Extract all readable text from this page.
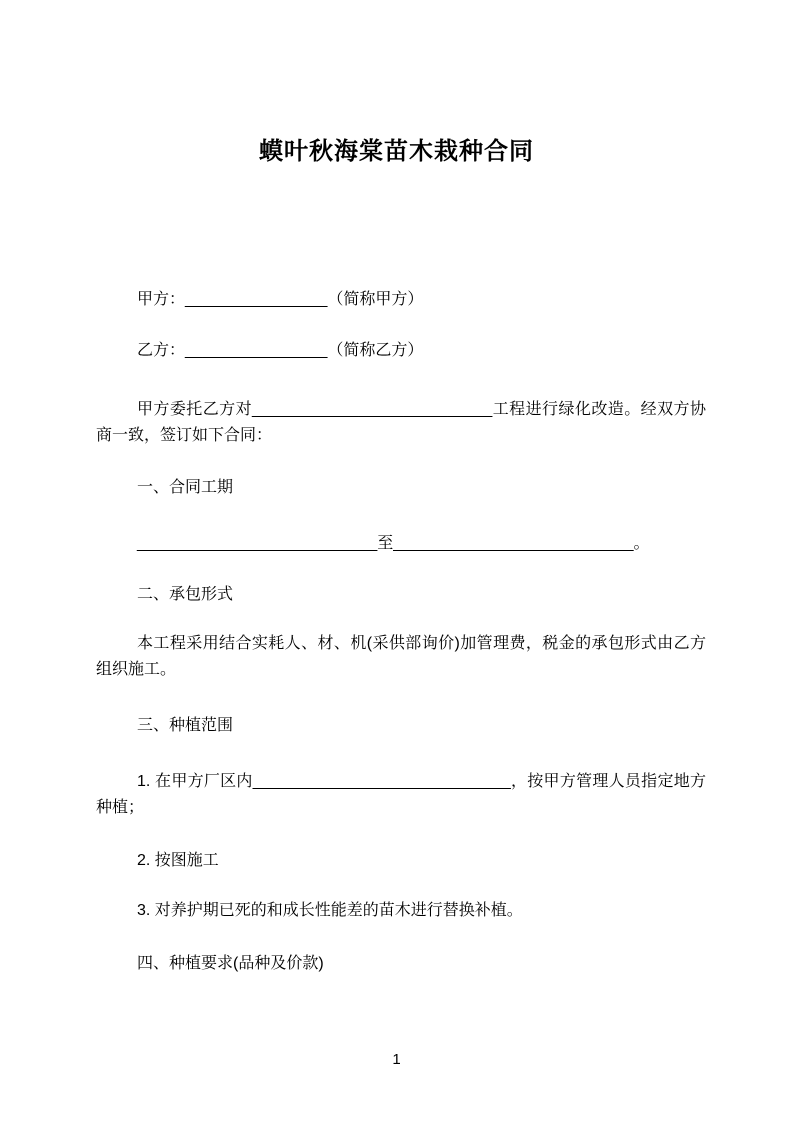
蟆叶秋海棠苗木栽种合同
甲方：________________（简称甲方）
乙方：________________（简称乙方）
甲方委托乙方对___________________________工程进行绿化改造。经双方协商一致，签订如下合同：
一、合同工期
___________________________至___________________________。
二、承包形式
本工程采用结合实耗人、材、机(采供部询价)加管理费，税金的承包形式由乙方组织施工。
三、种植范围
1. 在甲方厂区内_____________________________，按甲方管理人员指定地方种植；
2. 按图施工
3. 对养护期已死的和成长性能差的苗木进行替换补植。
四、种植要求(品种及价款)
1
